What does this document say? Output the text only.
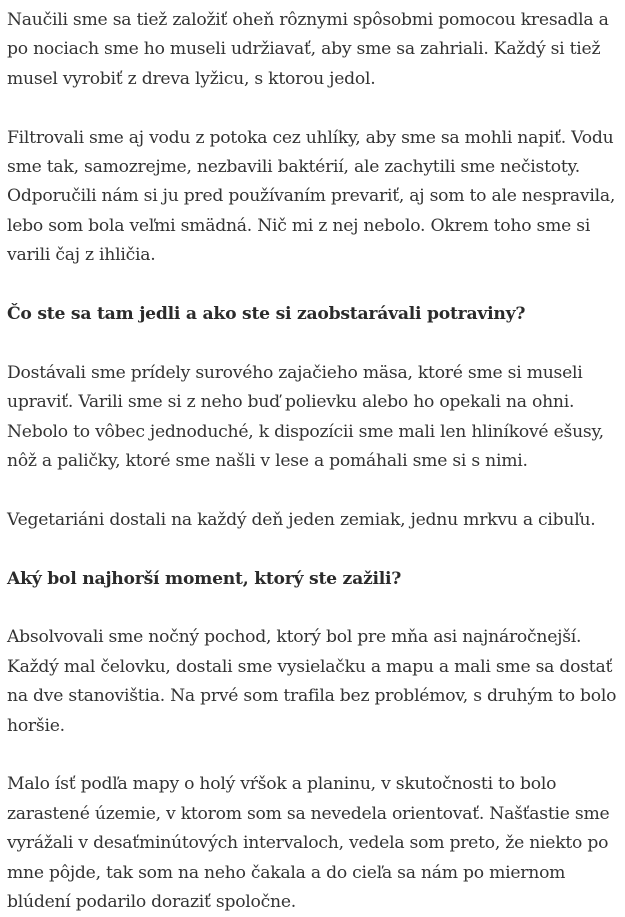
Naučili sme sa tiež založiť oheň rôznymi spôsobmi pomocou kresadla a po nociach sme ho museli udržiavať, aby sme sa zahriali. Každý si tiež musel vyrobiť z dreva lyžicu, s ktorou jedol.

Filtrovali sme aj vodu z potoka cez uhlíky, aby sme sa mohli napiť. Vodu sme tak, samozrejme, nezbavili baktérií, ale zachytili sme nečistoty. Odporučili nám si ju pred používaním prevariť, aj som to ale nespravila, lebo som bola veľmi smädná. Nič mi z nej nebolo. Okrem toho sme si varili čaj z ihličia.

Čo ste sa tam jedli a ako ste si zaobstarávali potraviny?

Dostávali sme prídely surového zajačieho mäsa, ktoré sme si museli upraviť. Varili sme si z neho buď polievku alebo ho opekali na ohni. Nebolo to vôbec jednoduché, k dispozícii sme mali len hliníkové ešusy, nôž a paličky, ktoré sme našli v lese a pomáhali sme si s nimi.

Vegetariáni dostali na každý deň jeden zemiak, jednu mrkvu a cibuľu.

Aký bol najhorší moment, ktorý ste zažili?

Absolvovali sme nočný pochod, ktorý bol pre mňa asi najnáročnejší. Každý mal čelovku, dostali sme vysielačku a mapu a mali sme sa dostať na dve stanovištia. Na prvé som trafila bez problémov, s druhým to bolo horšie.

Malo ísť podľa mapy o holý vŕšok a planinu, v skutočnosti to bolo zarastené územie, v ktorom som sa nevedela orientovať. Našťastie sme vyrážali v desaťminútových intervaloch, vedela som preto, že niekto po mne pôjde, tak som na neho čakala a do cieľa sa nám po miernom blúdení podarilo doraziť spoločne.
